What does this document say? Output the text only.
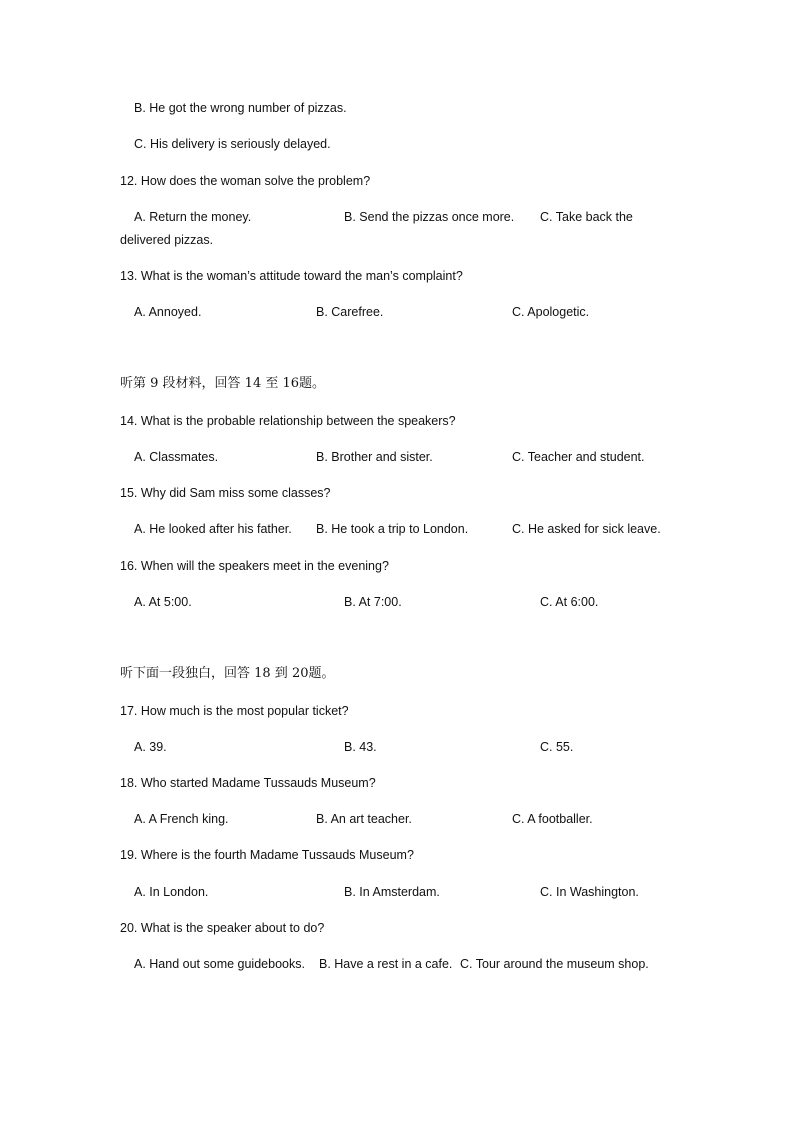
B. He got the wrong number of pizzas.
C. His delivery is seriously delayed.
12. How does the woman solve the problem?
A. Return the money.	B. Send the pizzas once more. C. Take back the
delivered pizzas.
13. What is the woman’s attitude toward the man’s complaint?
A. Annoyed.	B. Carefree.	C. Apologetic.
听第 9 段材料，回答 14 至 16题。
14. What is the probable relationship between the speakers?
A. Classmates.	B. Brother and sister.	C. Teacher and student.
15. Why did Sam miss some classes?
A. He looked after his father. B. He took a trip to London.	C. He asked for sick leave.
16. When will the speakers meet in the evening?
A. At 5:00.	B. At 7:00.	C. At 6:00.
听下面一段独白，回答 18 到 20题。
17. How much is the most popular ticket?
A. 39.	B. 43.	C. 55.
18. Who started Madame Tussauds Museum?
A. A French king.	B. An art teacher.	C. A footballer.
19. Where is the fourth Madame Tussauds Museum?
A. In London.	B. In Amsterdam.	C. In Washington.
20. What is the speaker about to do?
A. Hand out some guidebooks. B. Have a rest in a cafe. C. Tour around the museum shop.
